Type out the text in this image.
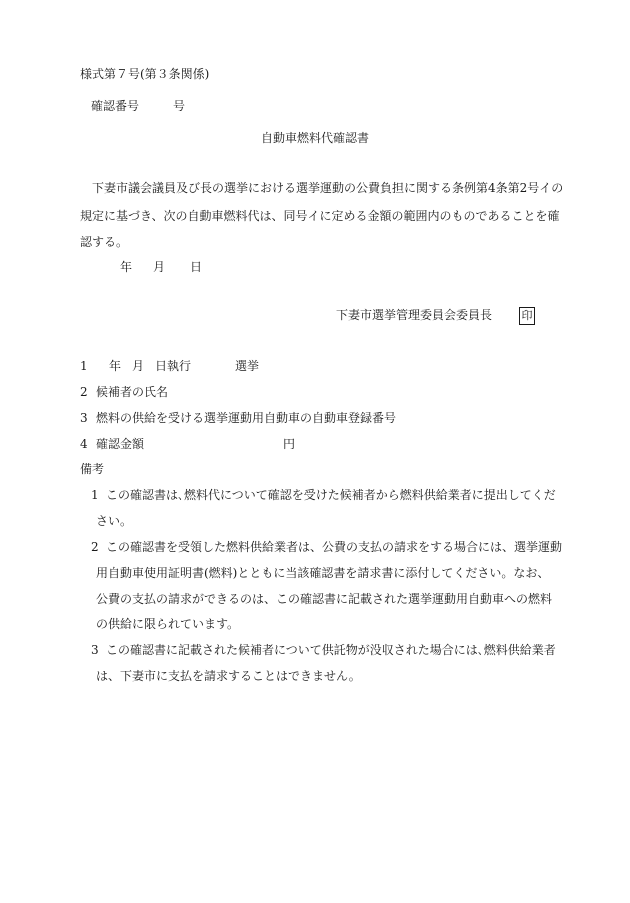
様式第７号(第３条関係)
確認番号	号
自動車燃料代確認書
下妻市議会議員及び長の選挙における選挙運動の公費負担に関する条例第4条第2号イの
規定に基づき、次の自動車燃料代は、同号イに定める金額の範囲内のものであることを確
認する。
年 月 日
下妻市選挙管理委員会委員長	印
1 年 月 日執行	選挙
2 候補者の氏名
3 燃料の供給を受ける選挙運動用自動車の自動車登録番号
4 確認金額	円
備考
1 この確認書は､燃料代について確認を受けた候補者から燃料供給業者に提出してくだ
さい。
2 この確認書を受領した燃料供給業者は、公費の支払の請求をする場合には、選挙運動
用自動車使用証明書(燃料)とともに当該確認書を請求書に添付してください。なお、
公費の支払の請求ができるのは、この確認書に記載された選挙運動用自動車への燃料
の供給に限られています。
3 この確認書に記載された候補者について供託物が没収された場合には､燃料供給業者
は、下妻市に支払を請求することはできません。
